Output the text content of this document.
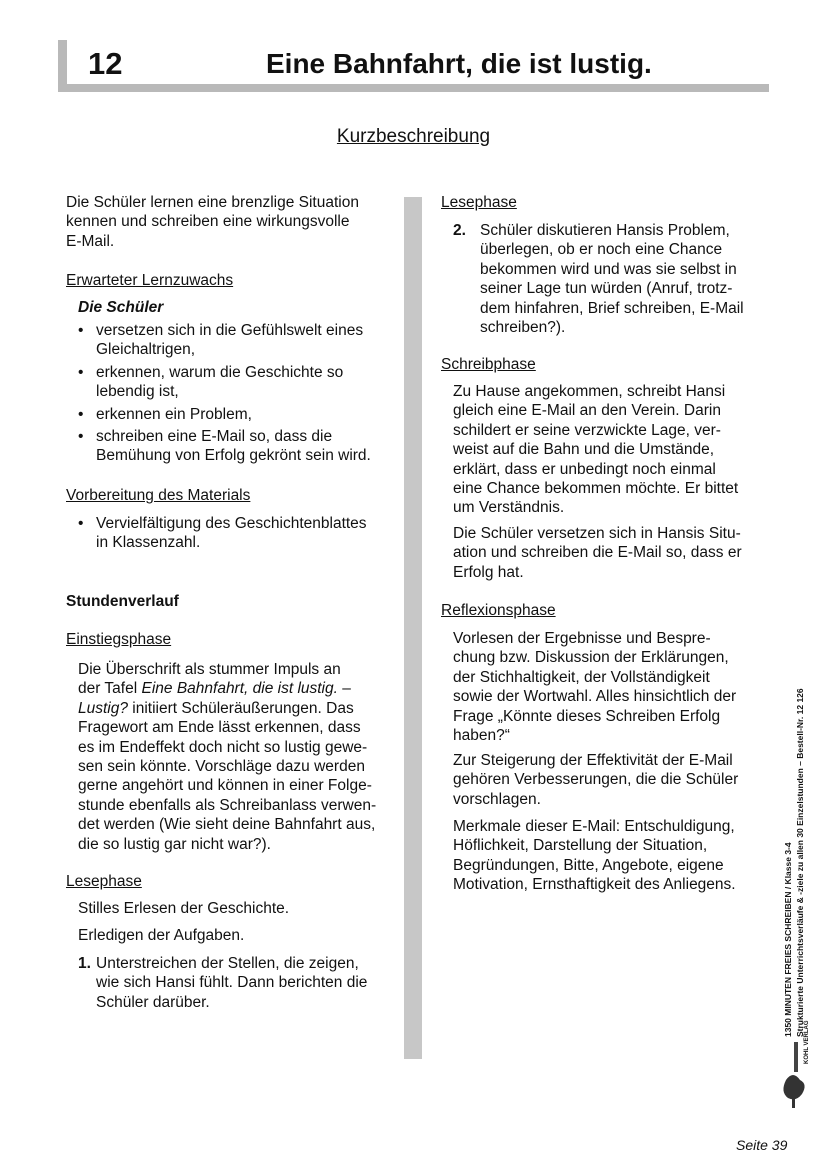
12	Eine Bahnfahrt, die ist lustig.
Kurzbeschreibung
Die Schüler lernen eine brenzlige Situation
kennen und schreiben eine wirkungsvolle
E-Mail.
Erwarteter Lernzuwachs
Die Schüler
• versetzen sich in die Gefühlswelt eines
Gleichaltrigen,
• erkennen, warum die Geschichte so
lebendig ist,
• erkennen ein Problem,
• schreiben eine E-Mail so, dass die
Bemühung von Erfolg gekrönt sein wird.
Vorbereitung des Materials
• Vervielfältigung des Geschichtenblattes
in Klassenzahl.
Stundenverlauf
Einstiegsphase
Die Überschrift als stummer Impuls an
der Tafel Eine Bahnfahrt, die ist lustig. –
Lustig? initiiert Schüleräußerungen. Das
Fragewort am Ende lässt erkennen, dass
es im Endeffekt doch nicht so lustig gewe-
sen sein könnte. Vorschläge dazu werden
gerne angehört und können in einer Folge-
stunde ebenfalls als Schreibanlass verwen-
det werden (Wie sieht deine Bahnfahrt aus,
die so lustig gar nicht war?).
Lesephase
Stilles Erlesen der Geschichte.
Erledigen der Aufgaben.
1. Unterstreichen der Stellen, die zeigen,
wie sich Hansi fühlt. Dann berichten die
Schüler darüber.
Lesephase
2. Schüler diskutieren Hansis Problem,
überlegen, ob er noch eine Chance
bekommen wird und was sie selbst in
seiner Lage tun würden (Anruf, trotz-
dem hinfahren, Brief schreiben, E-Mail
schreiben?).
Schreibphase
Zu Hause angekommen, schreibt Hansi
gleich eine E-Mail an den Verein. Darin
schildert er seine verzwickte Lage, ver-
weist auf die Bahn und die Umstände,
erklärt, dass er unbedingt noch einmal
eine Chance bekommen möchte. Er bittet
um Verständnis.
Die Schüler versetzen sich in Hansis Situ-
ation und schreiben die E-Mail so, dass er
Erfolg hat.
Reflexionsphase
Vorlesen der Ergebnisse und Bespre-
chung bzw. Diskussion der Erklärungen,
der Stichhaltigkeit, der Vollständigkeit
sowie der Wortwahl. Alles hinsichtlich der
Frage „Könnte dieses Schreiben Erfolg
haben?“
Zur Steigerung der Effektivität der E-Mail
gehören Verbesserungen, die die Schüler
vorschlagen.
Merkmale dieser E-Mail: Entschuldigung,
Höflichkeit, Darstellung der Situation,
Begründungen, Bitte, Angebote, eigene
Motivation, Ernsthaftigkeit des Anliegens.	1350 MINUTEN FREIES SCHREIBEN / Klasse 3-4 Strukturierte Unterrichtsverläufe & -ziele zu allen 30 Einzelstunden – Bestell-Nr. 12 126
KOHL VERLAG
Seite 39
